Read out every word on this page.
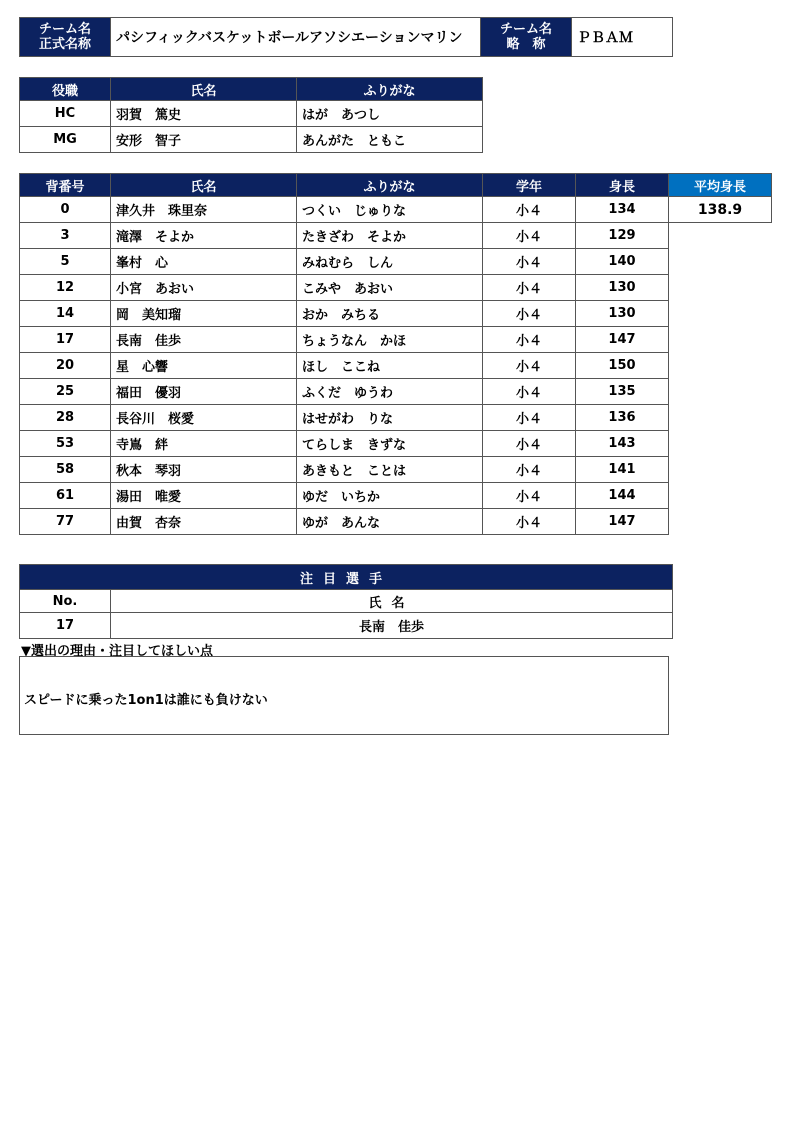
チーム名
正式名称	パシフィックバスケットボールアソシエーションマリン	
チーム名
略　称	ＰＢＡＭ
役職	氏名	ふりがな
HC	羽賀　篤史	はが　あつし
MG	安形　智子	あんがた　ともこ
背番号	氏名	ふりがな	学年	身長	平均身長
0	津久井　珠里奈	つくい　じゅりな	小４	134	138.9
3	滝澤　そよか	たきざわ　そよか	小４	129	
5	峯村　心	みねむら　しん	小４	140	
12	小宮　あおい	こみや　あおい	小４	130	
14	岡　美知瑠	おか　みちる	小４	130	
17	長南　佳歩	ちょうなん　かほ	小４	147	
20	星　心響	ほし　ここね	小４	150	
25	福田　優羽	ふくだ　ゆうわ	小４	135	
28	長谷川　桜愛	はせがわ　りな	小４	136	
53	寺嶌　絆	てらしま　きずな	小４	143	
58	秋本　琴羽	あきもと　ことは	小４	141	
61	湯田　唯愛	ゆだ　いちか	小４	144	
77	由賀　杏奈	ゆが　あんな	小４	147	
注目選手	
No.	氏名
17	長南　佳歩
▼選出の理由・注目してほしい点
スピードに乗った1on1は誰にも負けない
